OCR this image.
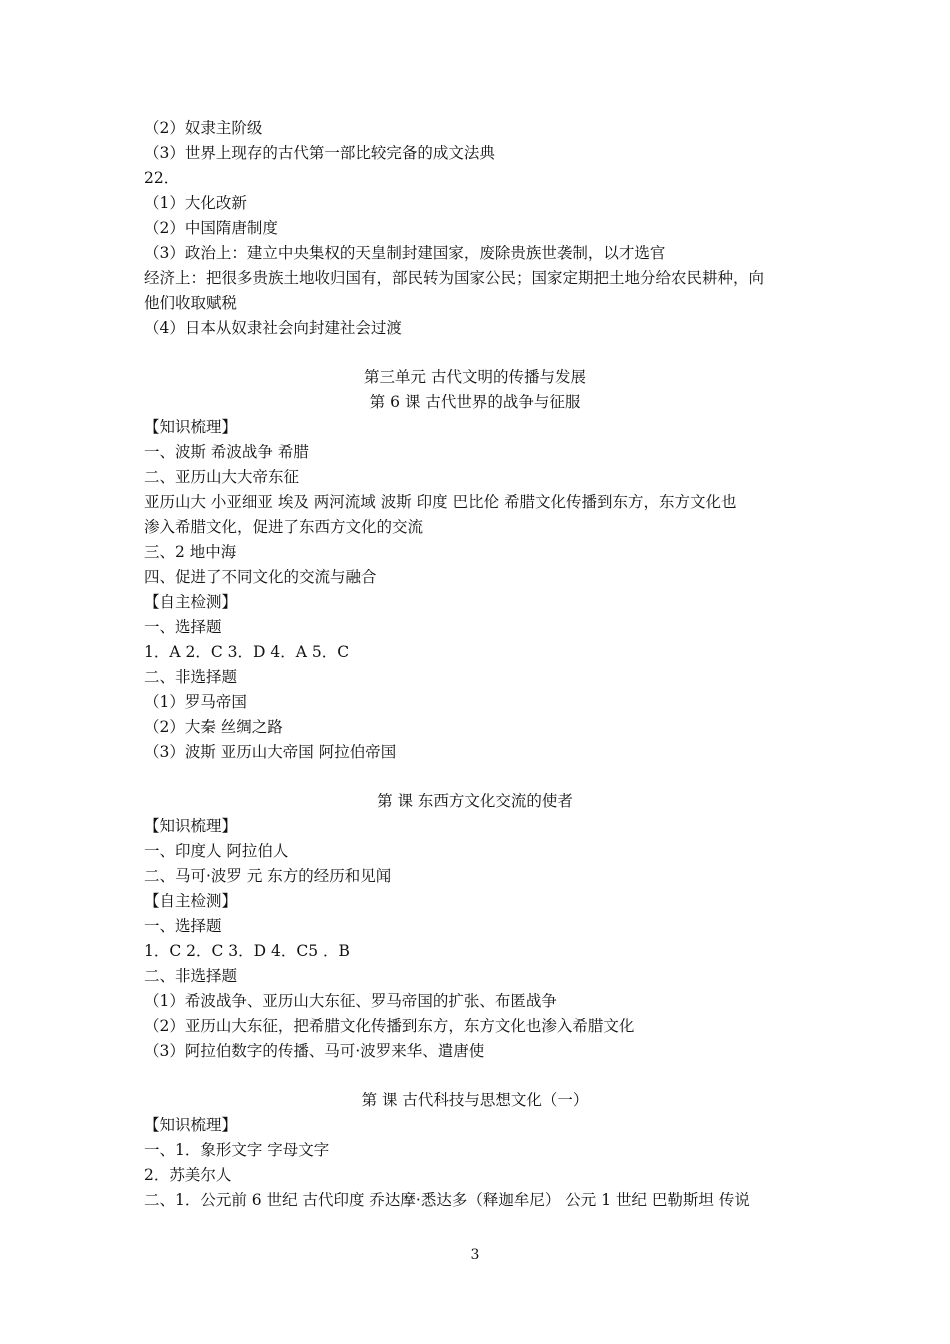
（2）奴隶主阶级
（3）世界上现存的古代第一部比较完备的成文法典
22．
（1）大化改新
（2）中国隋唐制度
（3）政治上：建立中央集权的天皇制封建国家，废除贵族世袭制，以才选官
经济上：把很多贵族土地收归国有，部民转为国家公民；国家定期把土地分给农民耕种，向
他们收取赋税
（4）日本从奴隶社会向封建社会过渡
第三单元 古代文明的传播与发展
第 6 课 古代世界的战争与征服
【知识梳理】
一、波斯 希波战争 希腊
二、亚历山大大帝东征
亚历山大 小亚细亚 埃及 两河流域 波斯 印度 巴比伦 希腊文化传播到东方，东方文化也
渗入希腊文化，促进了东西方文化的交流
三、2 地中海
四、促进了不同文化的交流与融合
【自主检测】
一、选择题
1．A 2．C 3．D 4．A 5．C
二、非选择题
（1）罗马帝国
（2）大秦 丝绸之路
（3）波斯 亚历山大帝国 阿拉伯帝国
第 课 东西方文化交流的使者
【知识梳理】
一、印度人 阿拉伯人
二、马可·波罗 元 东方的经历和见闻
【自主检测】
一、选择题
1．C 2．C 3．D 4．C5 ．B
二、非选择题
（1）希波战争、亚历山大东征、罗马帝国的扩张、布匿战争
（2）亚历山大东征，把希腊文化传播到东方，东方文化也渗入希腊文化
（3）阿拉伯数字的传播、马可·波罗来华、遣唐使
第 课 古代科技与思想文化（一）
【知识梳理】
一、1．象形文字 字母文字
2．苏美尔人
二、1．公元前 6 世纪 古代印度 乔达摩·悉达多（释迦牟尼） 公元 1 世纪 巴勒斯坦 传说
3
